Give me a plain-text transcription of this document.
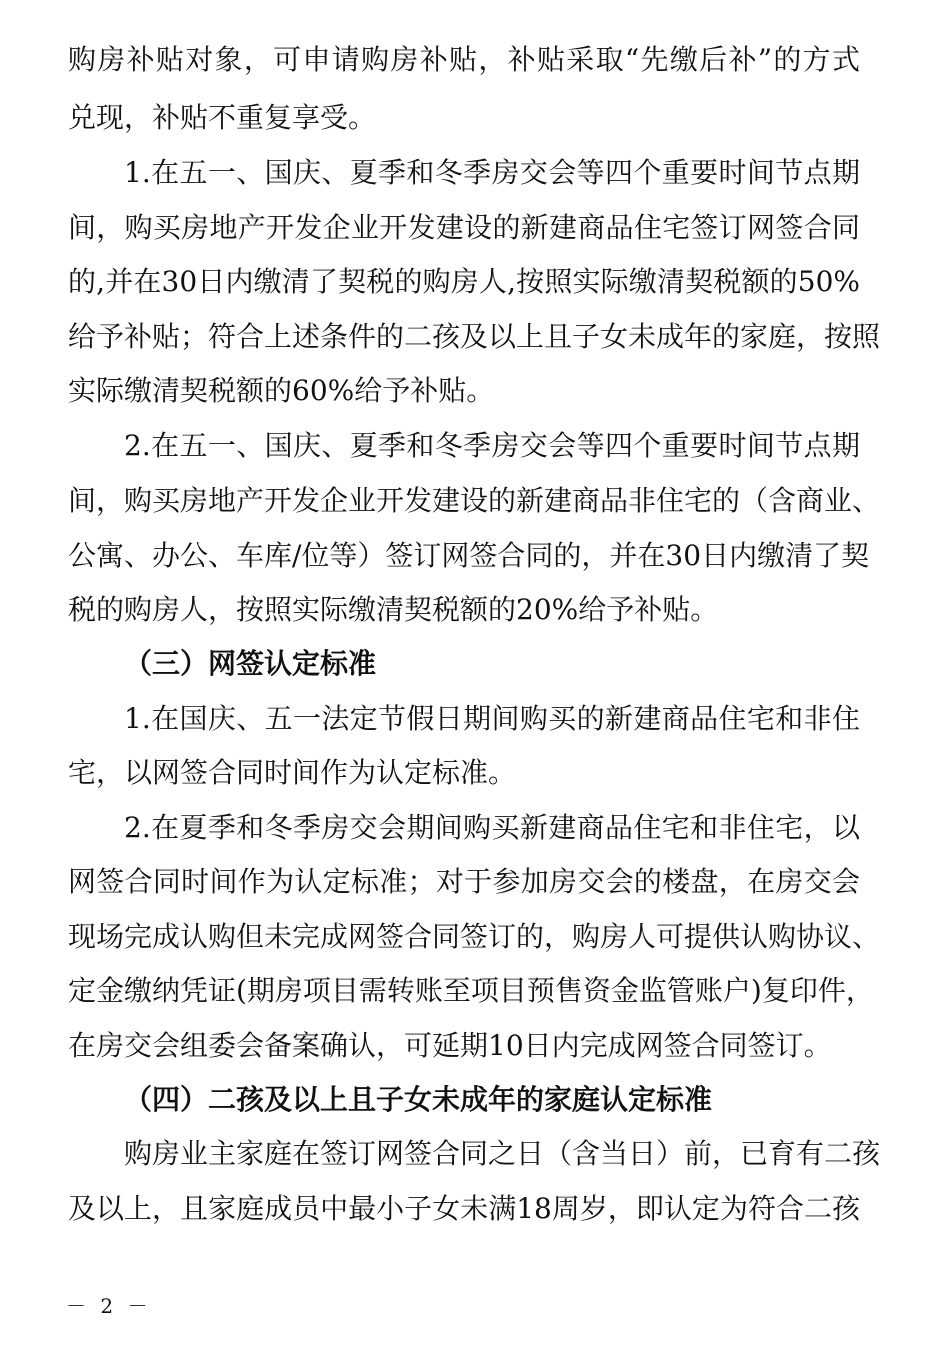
购房补贴对象，可申请购房补贴，补贴采取“先缴后补”的方式
兑现，补贴不重复享受。
1.在五一、国庆、夏季和冬季房交会等四个重要时间节点期
间，购买房地产开发企业开发建设的新建商品住宅签订网签合同
的,并在30日内缴清了契税的购房人,按照实际缴清契税额的50%
给予补贴；符合上述条件的二孩及以上且子女未成年的家庭，按照
实际缴清契税额的60%给予补贴。
2.在五一、国庆、夏季和冬季房交会等四个重要时间节点期
间，购买房地产开发企业开发建设的新建商品非住宅的（含商业、
公寓、办公、车库/位等）签订网签合同的，并在30日内缴清了契
税的购房人，按照实际缴清契税额的20%给予补贴。
（三）网签认定标准
1.在国庆、五一法定节假日期间购买的新建商品住宅和非住
宅，以网签合同时间作为认定标准。
2.在夏季和冬季房交会期间购买新建商品住宅和非住宅，以
网签合同时间作为认定标准；对于参加房交会的楼盘，在房交会
现场完成认购但未完成网签合同签订的，购房人可提供认购协议、
定金缴纳凭证(期房项目需转账至项目预售资金监管账户)复印件，
在房交会组委会备案确认，可延期10日内完成网签合同签订。
（四）二孩及以上且子女未成年的家庭认定标准
购房业主家庭在签订网签合同之日（含当日）前，已育有二孩
及以上，且家庭成员中最小子女未满18周岁，即认定为符合二孩
－ 2 －
